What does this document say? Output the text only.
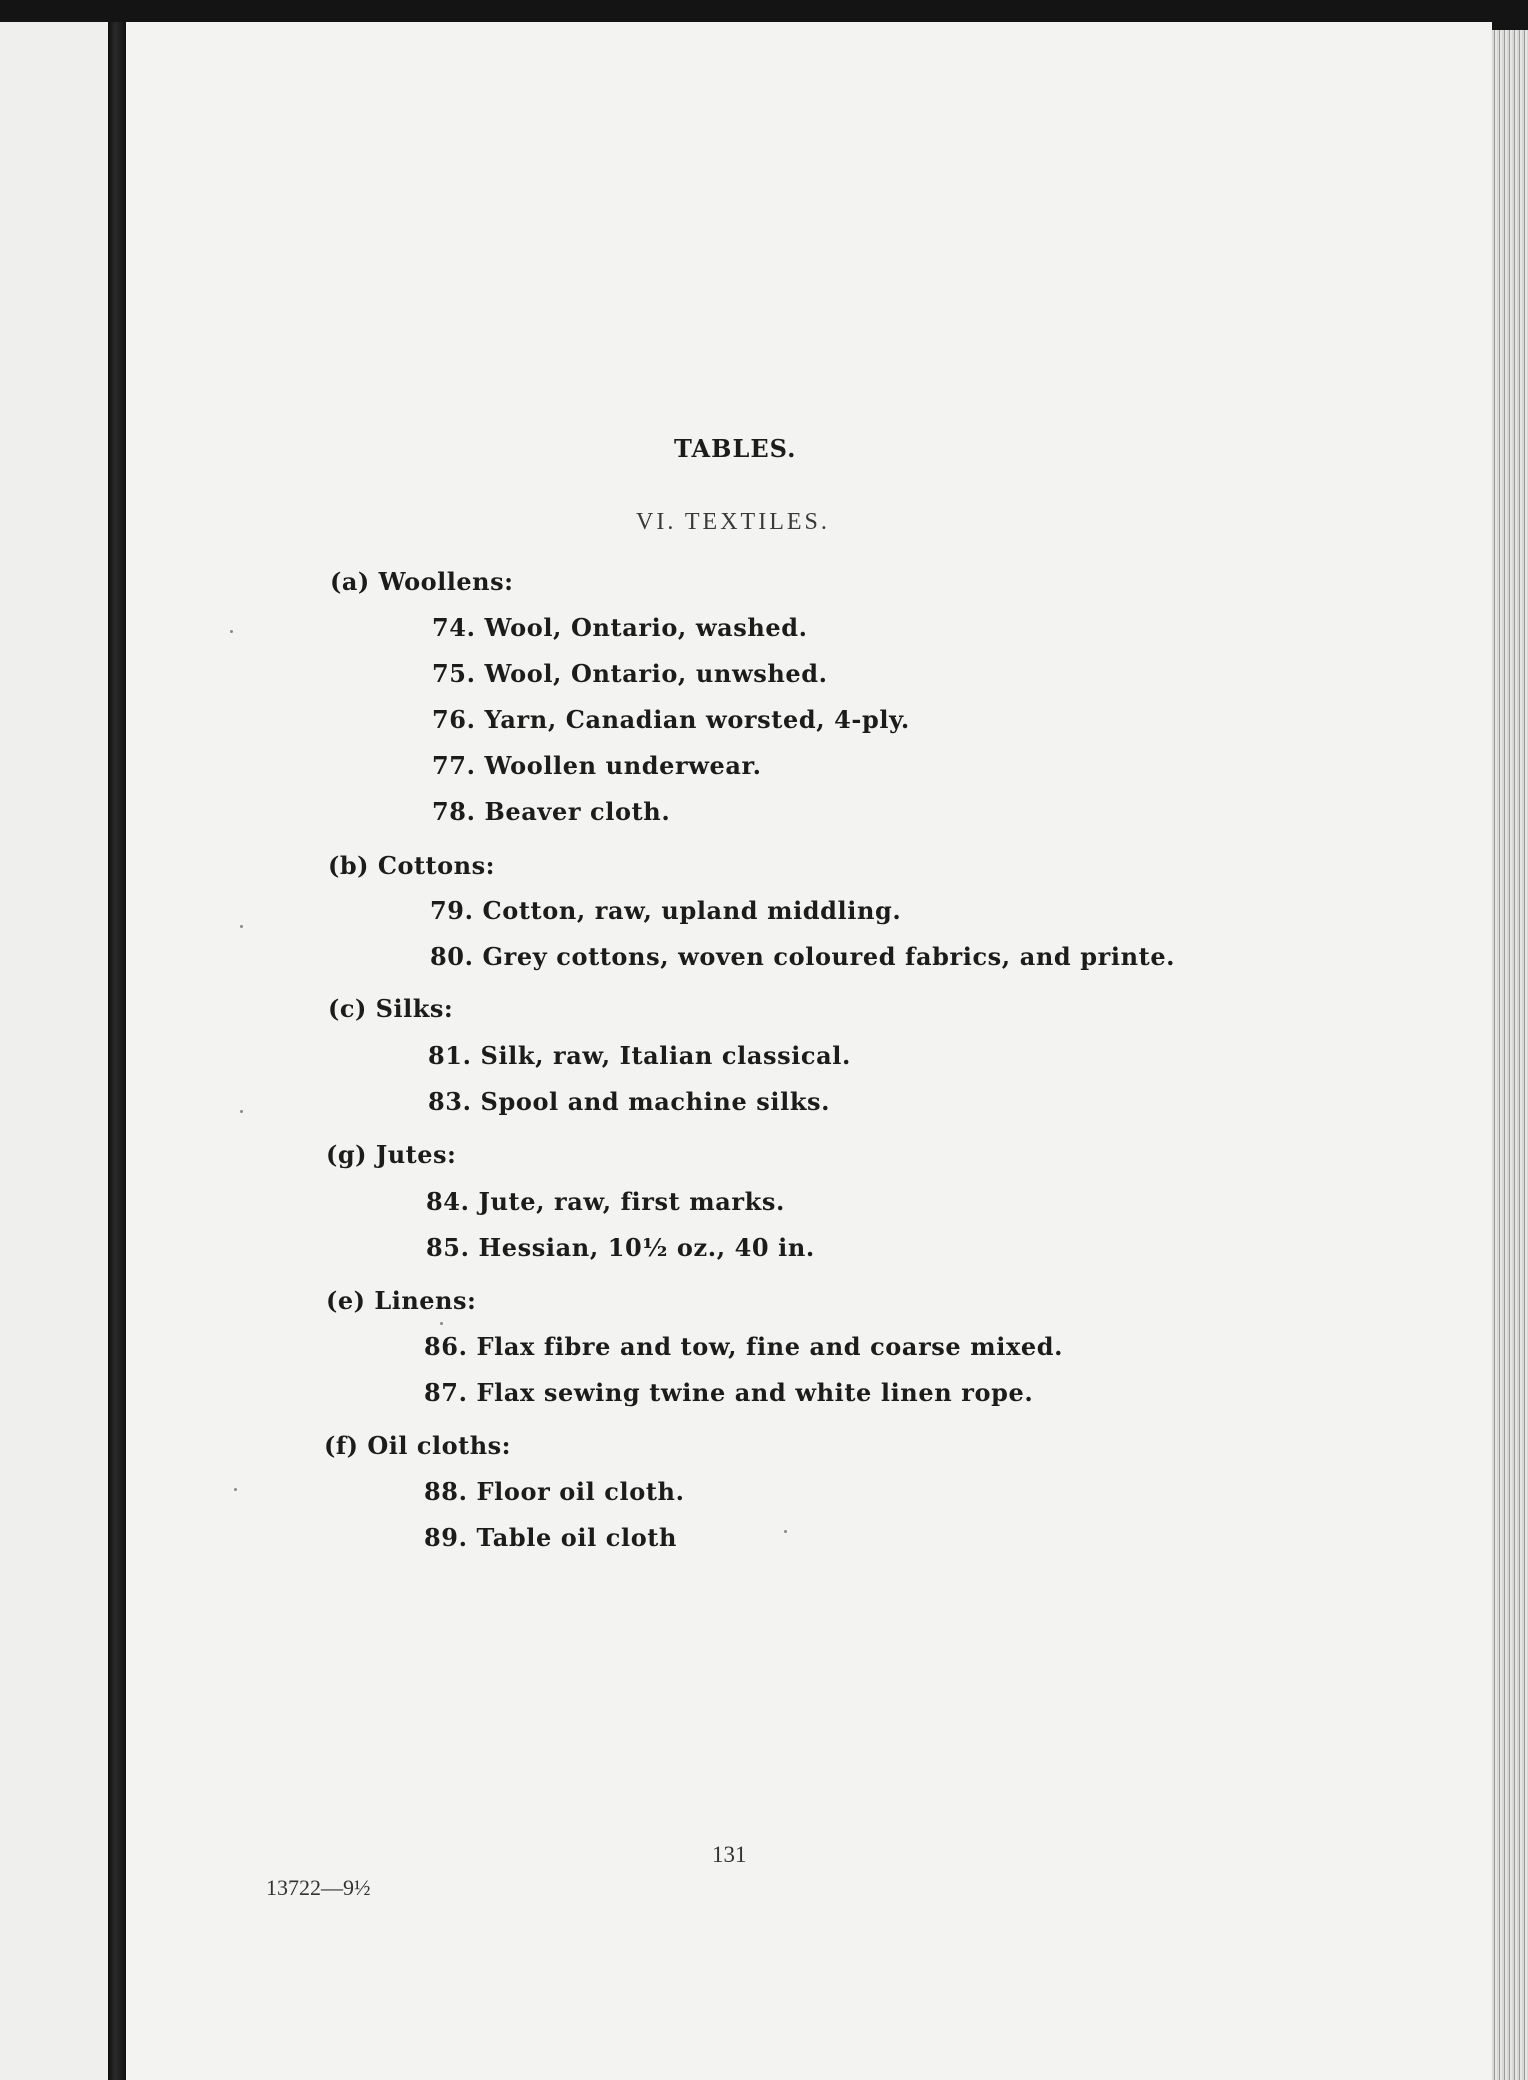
TABLES.
VI. TEXTILES.
(a) Woollens:
74. Wool, Ontario, washed.
75. Wool, Ontario, unwshed.
76. Yarn, Canadian worsted, 4-ply.
77. Woollen underwear.
78. Beaver cloth.
(b) Cottons:
79. Cotton, raw, upland middling.
80. Grey cottons, woven coloured fabrics, and printe.
(c) Silks:
81. Silk, raw, Italian classical.
83. Spool and machine silks.
(g) Jutes:
84. Jute, raw, first marks.
85. Hessian, 10½ oz., 40 in.
(e) Linens:
86. Flax fibre and tow, fine and coarse mixed.
87. Flax sewing twine and white linen rope.
(f) Oil cloths:
88. Floor oil cloth.
89. Table oil cloth
131
13722—9½
